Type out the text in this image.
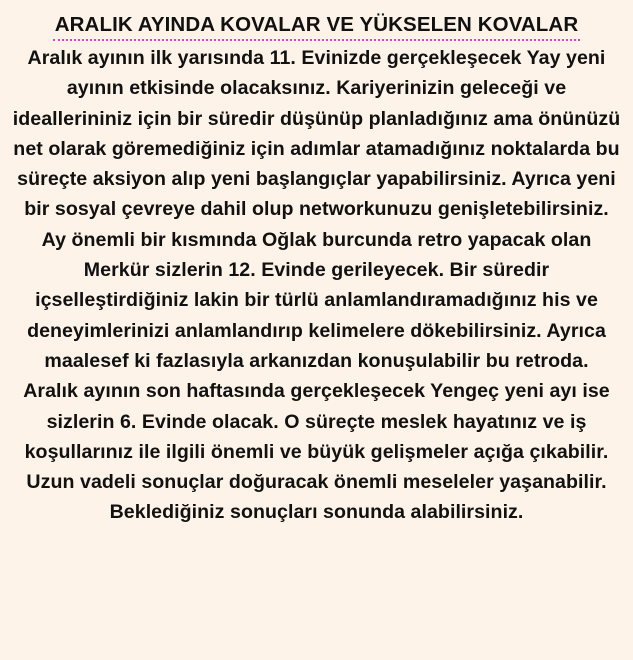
ARALIK AYINDA KOVALAR VE YÜKSELEN KOVALAR
Aralık ayının ilk yarısında 11. Evinizde gerçekleşecek Yay yeni ayının etkisinde olacaksınız. Kariyerinizin geleceği ve ideallerininiz için bir süredir düşünüp planladığınız ama önünüzü net olarak göremediğiniz için adımlar atamadığınız noktalarda bu süreçte aksiyon alıp yeni başlangıçlar yapabilirsiniz. Ayrıca yeni bir sosyal çevreye dahil olup networkunuzu genişletebilirsiniz.
Ay önemli bir kısmında Oğlak burcunda retro yapacak olan Merkür sizlerin 12. Evinde gerileyecek. Bir süredir içselleştirdiğiniz lakin bir türlü anlamlandıramadığınız his ve deneyimlerinizi anlamlandırıp kelimelere dökebilirsiniz. Ayrıca maalesef ki fazlasıyla arkanızdan konuşulabilir bu retroda.
Aralık ayının son haftasında gerçekleşecek Yengeç yeni ayı ise sizlerin 6. Evinde olacak. O süreçte meslek hayatınız ve iş koşullarınız ile ilgili önemli ve büyük gelişmeler açığa çıkabilir. Uzun vadeli sonuçlar doğuracak önemli meseleler yaşanabilir. Beklediğiniz sonuçları sonunda alabilirsiniz.
